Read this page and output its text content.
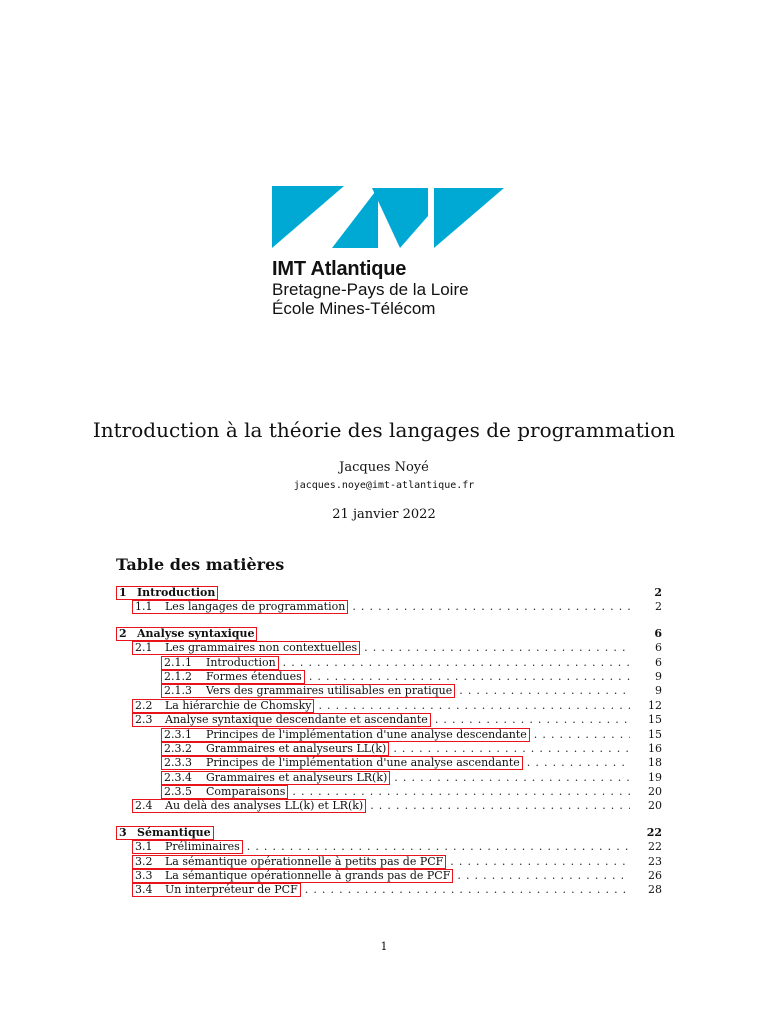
IMT Atlantique
Bretagne-Pays de la Loire
École Mines-Télécom
Introduction à la théorie des langages de programmation
Jacques Noyé
jacques.noye@imt-atlantique.fr
21 janvier 2022
Table des matières
1 Introduction	2
1.1 Les langages de programmation . . .	2
2 Analyse syntaxique	6
2.1 Les grammaires non contextuelles . . .	6
2.1.1 Introduction . . .	6
2.1.2 Formes étendues . . .	9
2.1.3 Vers des grammaires utilisables en pratique . . .	9
2.2 La hiérarchie de Chomsky . . .	12
2.3 Analyse syntaxique descendante et ascendante . . .	15
2.3.1 Principes de l'implémentation d'une analyse descendante . . .	15
2.3.2 Grammaires et analyseurs LL(k) . . .	16
2.3.3 Principes de l'implémentation d'une analyse ascendante . . .	18
2.3.4 Grammaires et analyseurs LR(k) . . .	19
2.3.5 Comparaisons . . .	20
2.4 Au delà des analyses LL(k) et LR(k) . . .	20
3 Sémantique	22
3.1 Préliminaires . . .	22
3.2 La sémantique opérationnelle à petits pas de PCF . . .	23
3.3 La sémantique opérationnelle à grands pas de PCF . . .	26
3.4 Un interpréteur de PCF . . .	28
1
